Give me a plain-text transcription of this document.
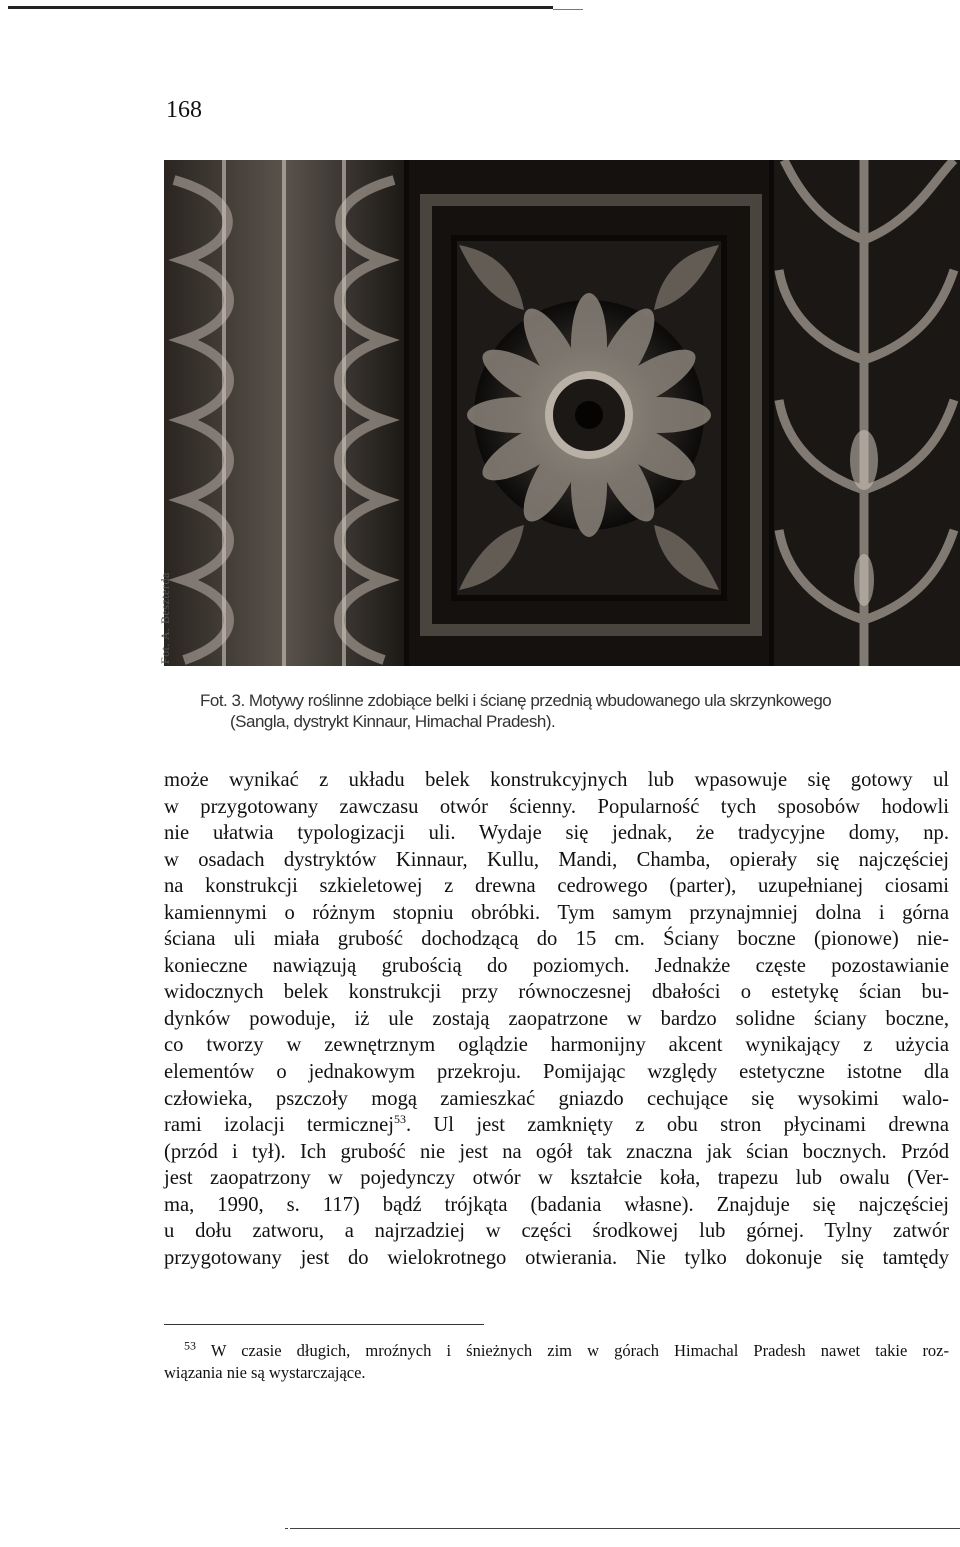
168
Fot. A. Beszterda
Fot. 3. Motywy roślinne zdobiące belki i ścianę przednią wbudowanego ula skrzynkowego
(Sangla, dystrykt Kinnaur, Himachal Pradesh).
może wynikać z układu belek konstrukcyjnych lub wpasowuje się gotowy ul
w przygotowany zawczasu otwór ścienny. Popularność tych sposobów hodowli
nie ułatwia typologizacji uli. Wydaje się jednak, że tradycyjne domy, np.
w osadach dystryktów Kinnaur, Kullu, Mandi, Chamba, opierały się najczęściej
na konstrukcji szkieletowej z drewna cedrowego (parter), uzupełnianej ciosami
kamiennymi o różnym stopniu obróbki. Tym samym przynajmniej dolna i górna
ściana uli miała grubość dochodzącą do 15 cm. Ściany boczne (pionowe) nie-
konieczne nawiązują grubością do poziomych. Jednakże częste pozostawianie
widocznych belek konstrukcji przy równoczesnej dbałości o estetykę ścian bu-
dynków powoduje, iż ule zostają zaopatrzone w bardzo solidne ściany boczne,
co tworzy w zewnętrznym oglądzie harmonijny akcent wynikający z użycia
elementów o jednakowym przekroju. Pomijając względy estetyczne istotne dla
człowieka, pszczoły mogą zamieszkać gniazdo cechujące się wysokimi walo-
rami izolacji termicznej$^{53}$. Ul jest zamknięty z obu stron płycinami drewna
(przód i tył). Ich grubość nie jest na ogół tak znaczna jak ścian bocznych. Przód
jest zaopatrzony w pojedynczy otwór w kształcie koła, trapezu lub owalu (Ver-
ma, 1990, s. 117) bądź trójkąta (badania własne). Znajduje się najczęściej
u dołu zatworu, a najrzadziej w części środkowej lub górnej. Tylny zatwór
przygotowany jest do wielokrotnego otwierania. Nie tylko dokonuje się tamtędy
$^{53}$ W czasie długich, mroźnych i śnieżnych zim w górach Himachal Pradesh nawet takie roz-
wiązania nie są wystarczające.
